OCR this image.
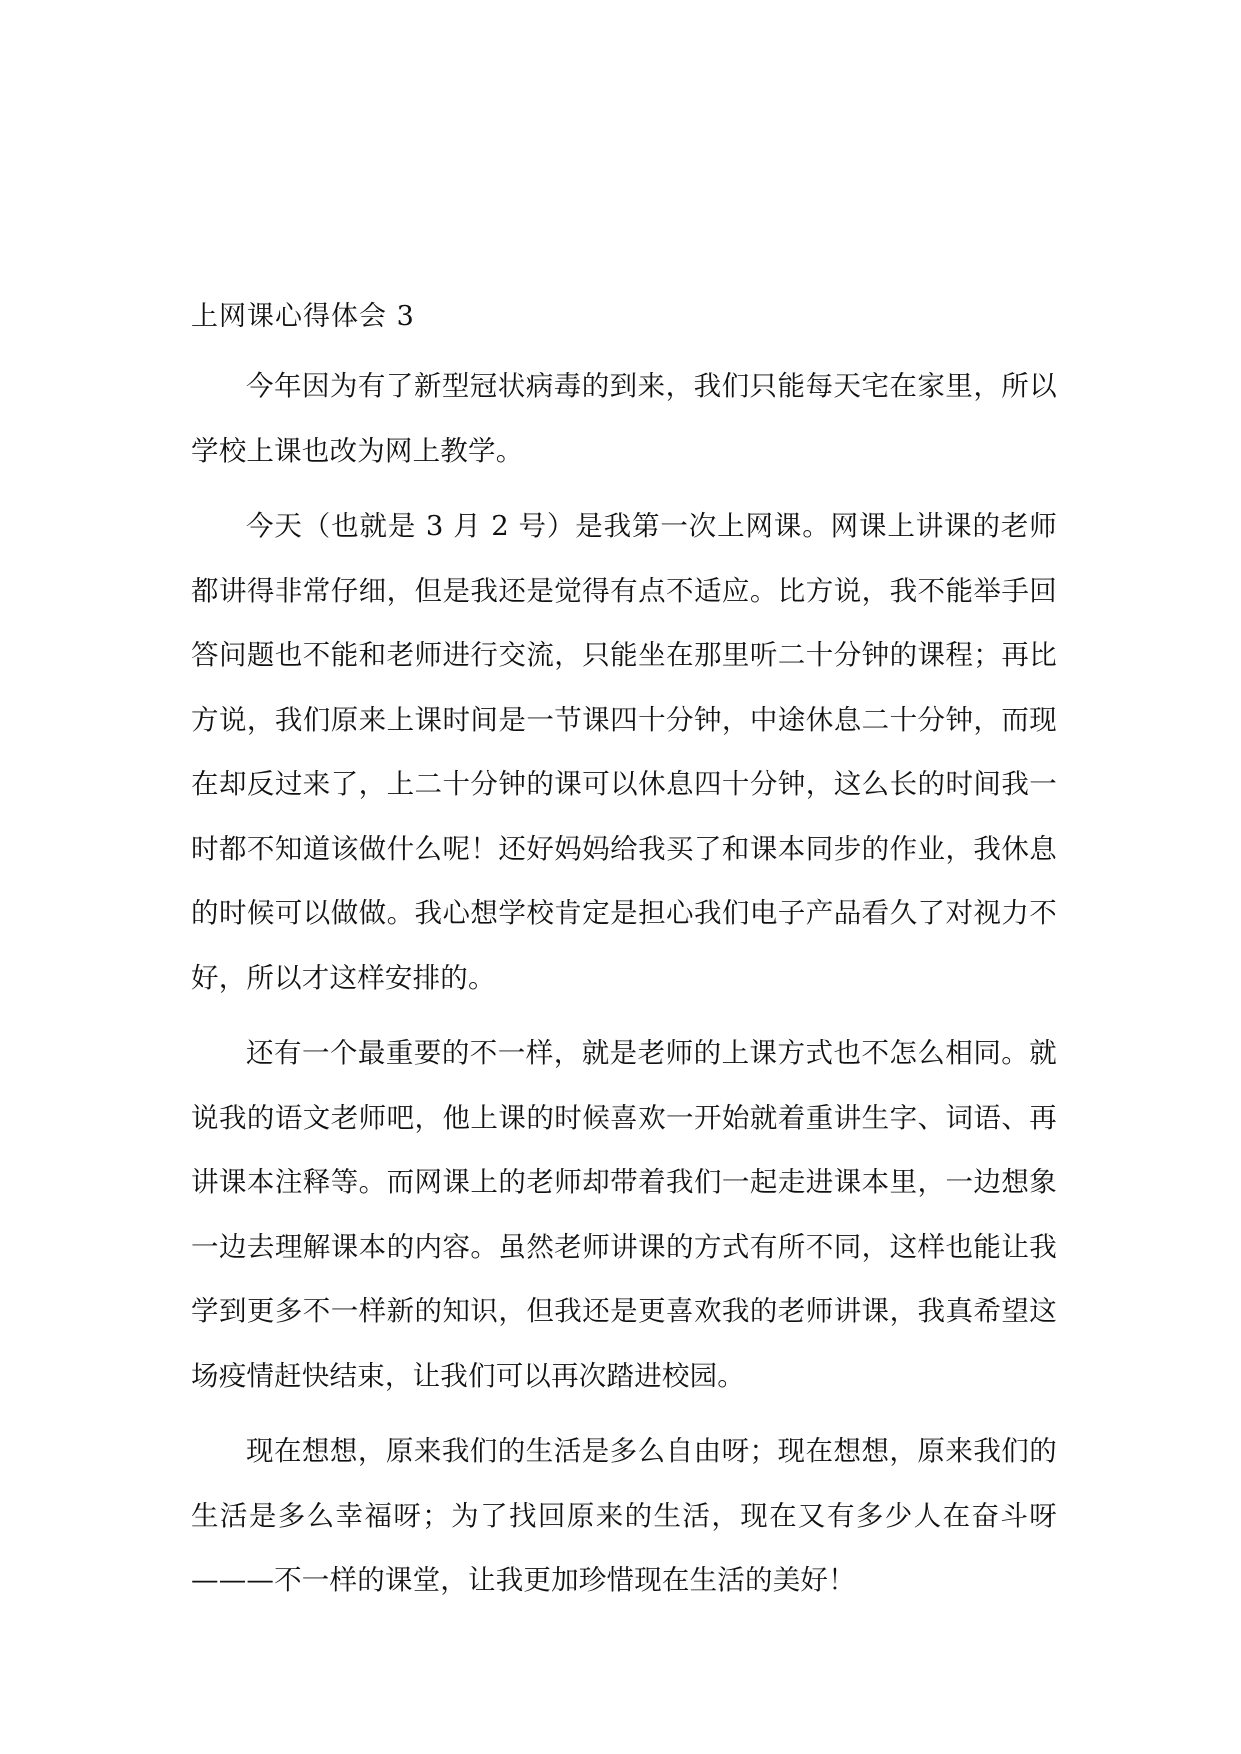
上网课心得体会 3

今年因为有了新型冠状病毒的到来，我们只能每天宅在家里，所以学校上课也改为网上教学。

今天（也就是 3 月 2 号）是我第一次上网课。网课上讲课的老师都讲得非常仔细，但是我还是觉得有点不适应。比方说，我不能举手回答问题也不能和老师进行交流，只能坐在那里听二十分钟的课程；再比方说，我们原来上课时间是一节课四十分钟，中途休息二十分钟，而现在却反过来了，上二十分钟的课可以休息四十分钟，这么长的时间我一时都不知道该做什么呢！还好妈妈给我买了和课本同步的作业，我休息的时候可以做做。我心想学校肯定是担心我们电子产品看久了对视力不好，所以才这样安排的。

还有一个最重要的不一样，就是老师的上课方式也不怎么相同。就说我的语文老师吧，他上课的时候喜欢一开始就着重讲生字、词语、再讲课本注释等。而网课上的老师却带着我们一起走进课本里，一边想象一边去理解课本的内容。虽然老师讲课的方式有所不同，这样也能让我学到更多不一样新的知识，但我还是更喜欢我的老师讲课，我真希望这场疫情赶快结束，让我们可以再次踏进校园。

现在想想，原来我们的生活是多么自由呀；现在想想，原来我们的生活是多么幸福呀；为了找回原来的生活，现在又有多少人在奋斗呀———不一样的课堂，让我更加珍惜现在生活的美好！
